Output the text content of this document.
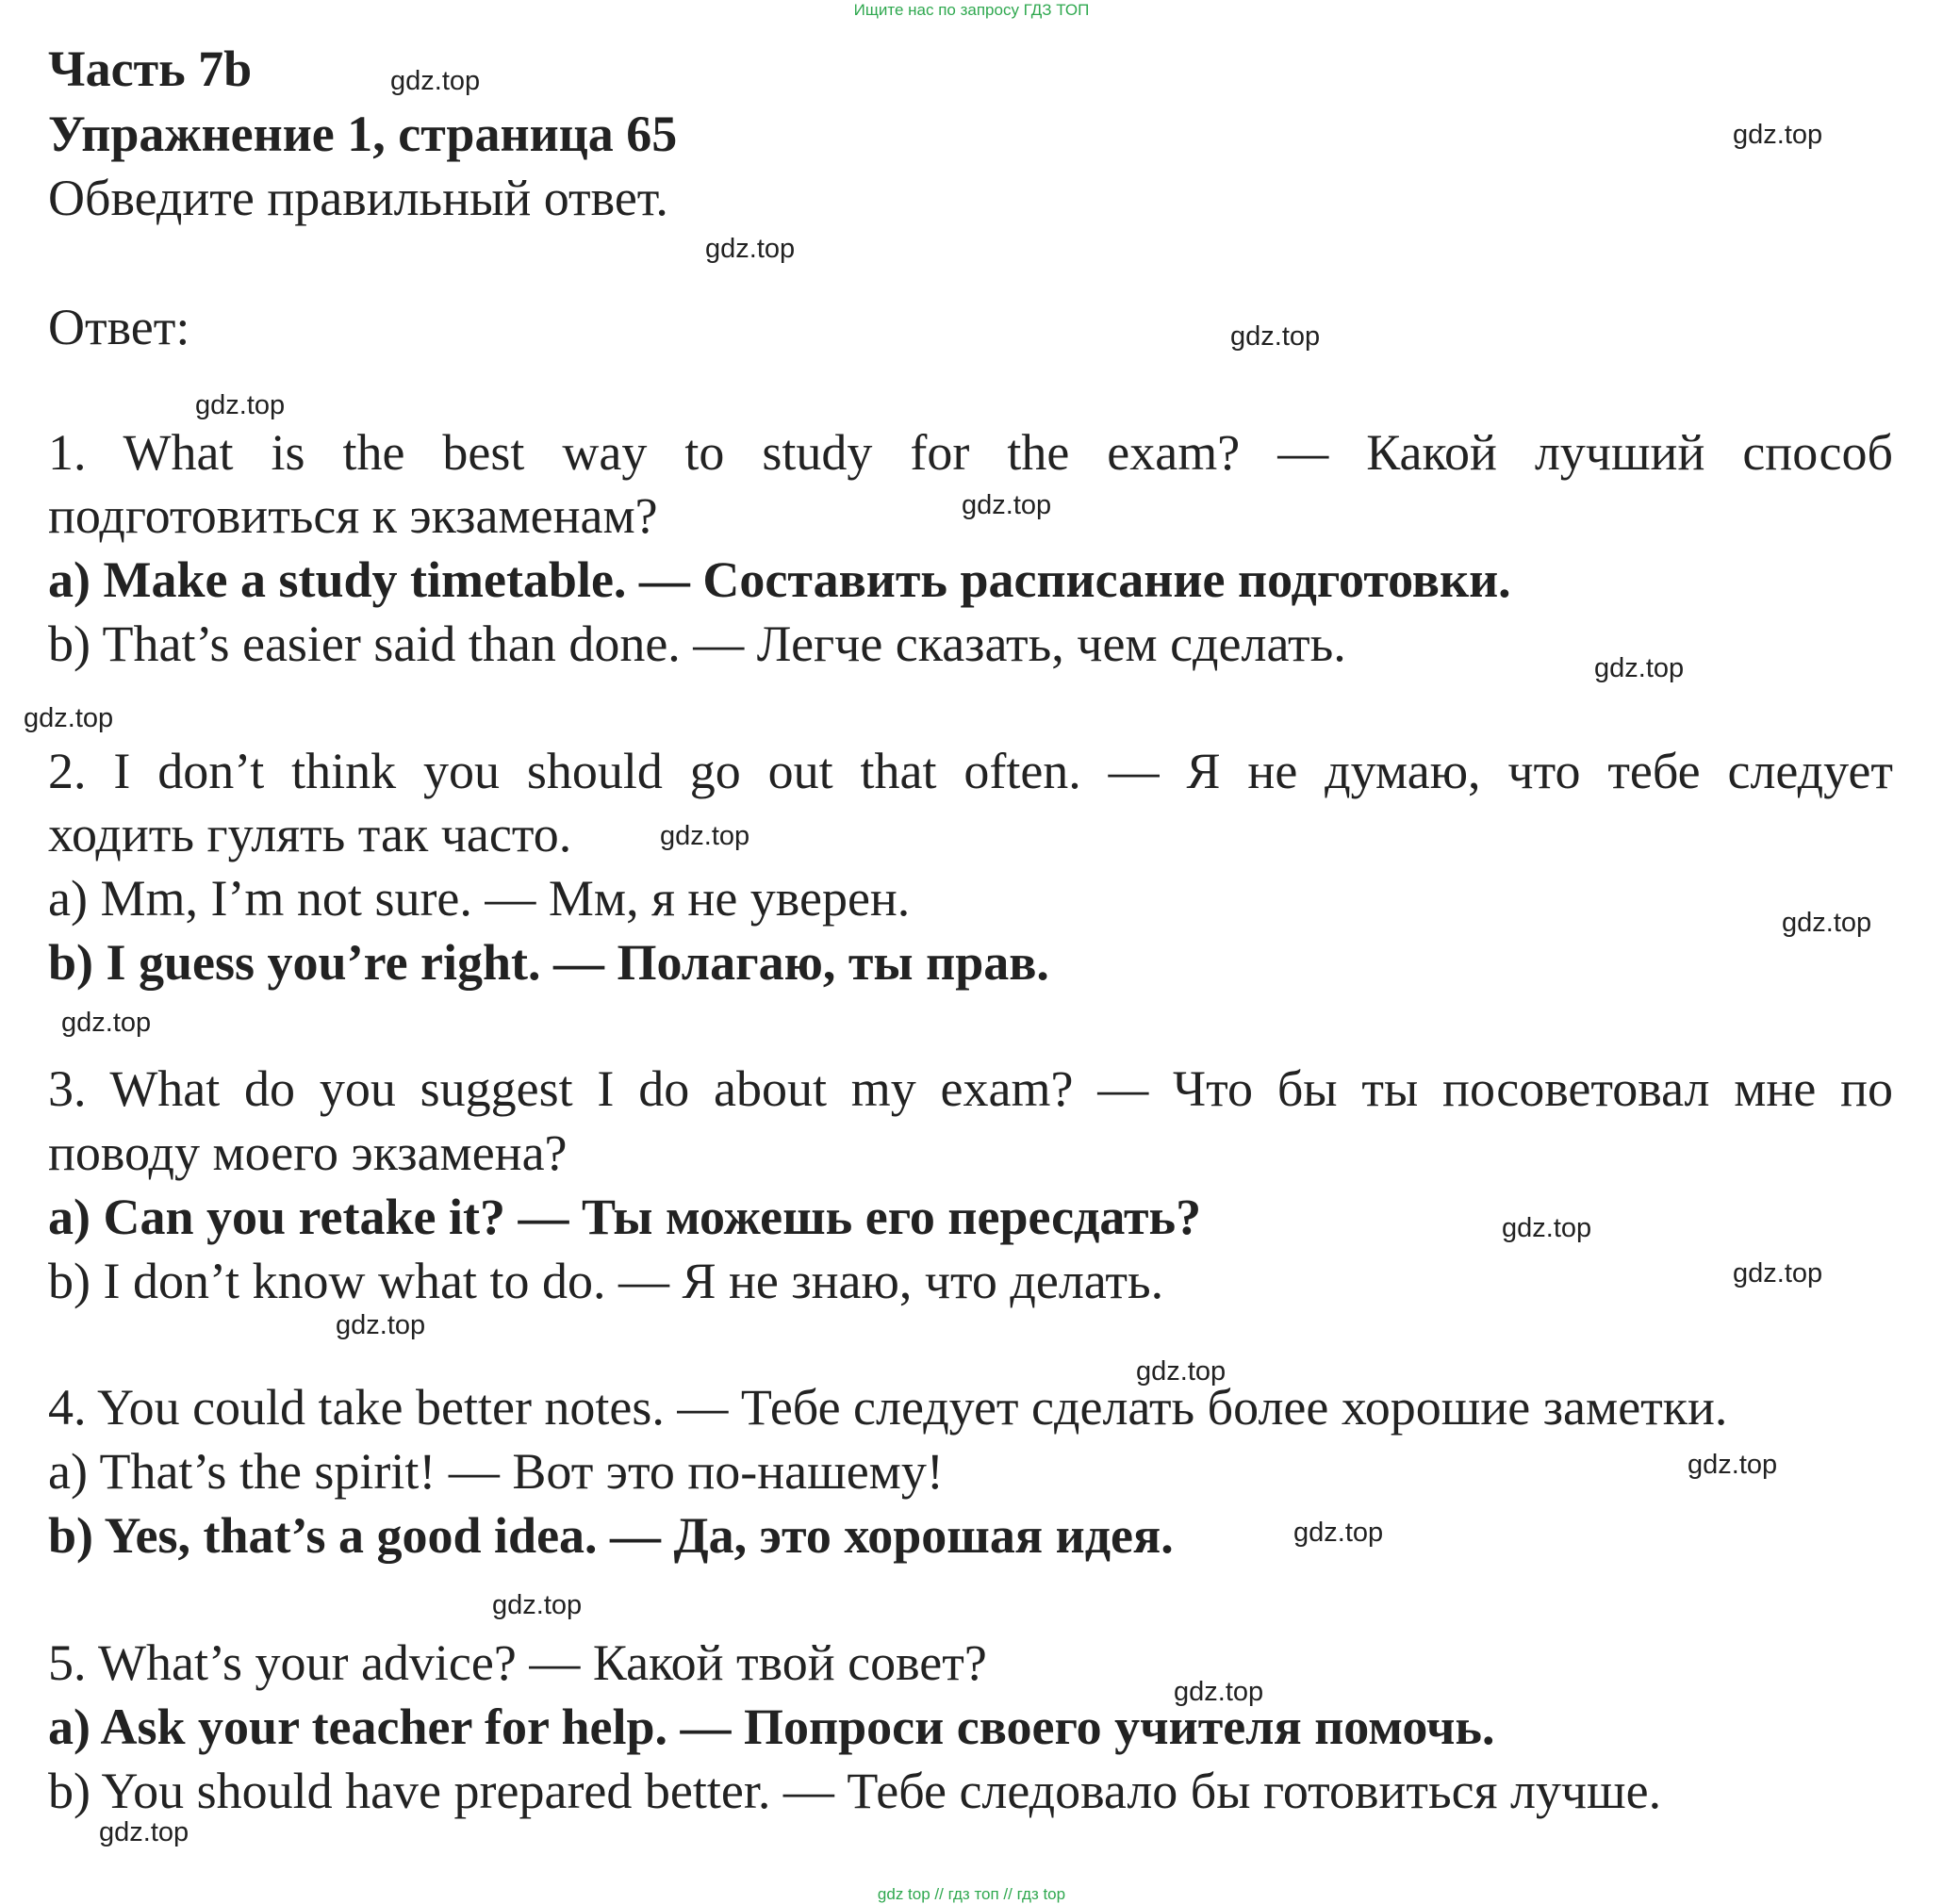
Ищите нас по запросу ГДЗ ТОП
Часть 7b
Упражнение 1, страница 65
Обведите правильный ответ.
Ответ:
1. What is the best way to study for the exam? — Какой лучший способ
подготовиться к экзаменам?
a) Make a study timetable. — Составить расписание подготовки.
b) That’s easier said than done. — Легче сказать, чем сделать.
2. I don’t think you should go out that often. — Я не думаю, что тебе следует
ходить гулять так часто.
a) Mm, I’m not sure. — Мм, я не уверен.
b) I guess you’re right. — Полагаю, ты прав.
3. What do you suggest I do about my exam? — Что бы ты посоветовал мне по
поводу моего экзамена?
a) Can you retake it? — Ты можешь его пересдать?
b) I don’t know what to do. — Я не знаю, что делать.
4. You could take better notes. — Тебе следует сделать более хорошие заметки.
a) That’s the spirit! — Вот это по-нашему!
b) Yes, that’s a good idea. — Да, это хорошая идея.
5. What’s your advice? — Какой твой совет?
a) Ask your teacher for help. — Попроси своего учителя помочь.
b) You should have prepared better. — Тебе следовало бы готовиться лучше.
gdz.top
gdz.top
gdz.top
gdz.top
gdz.top
gdz.top
gdz.top
gdz.top
gdz.top
gdz.top
gdz.top
gdz.top
gdz.top
gdz.top
gdz.top
gdz.top
gdz.top
gdz.top
gdz.top
gdz.top
gdz top // гдз топ // гдз top
